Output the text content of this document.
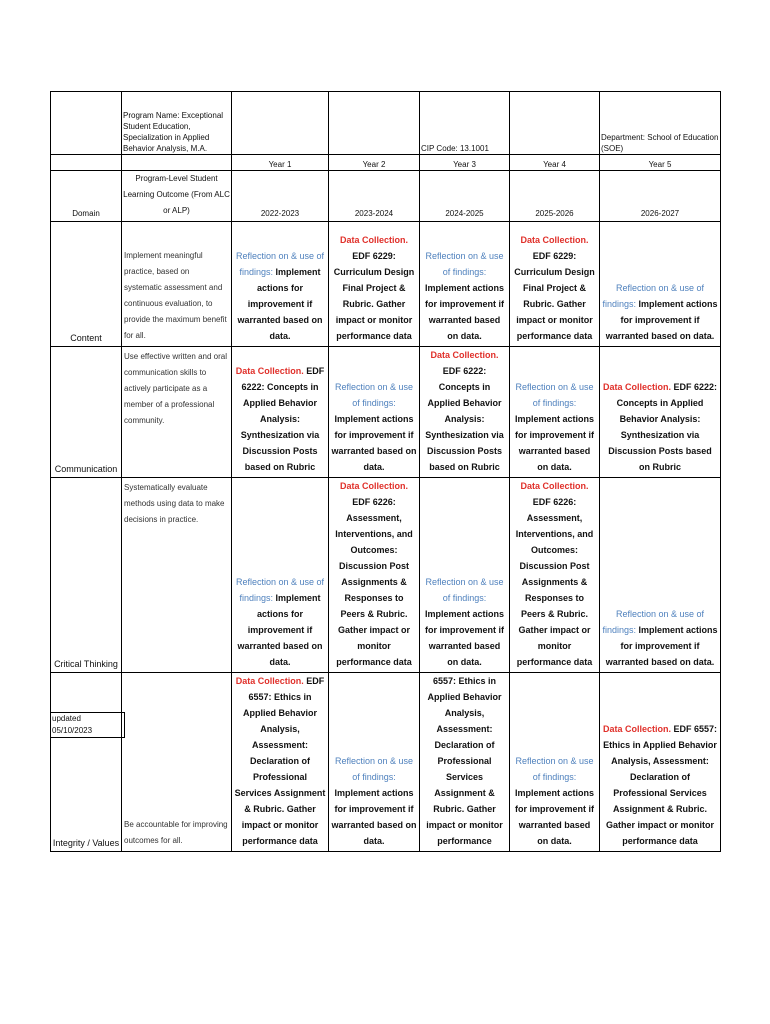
	Program Name: Exceptional Student Education, Specialization in Applied Behavior Analysis, M.A.			CIP Code: 13.1001		Department: School of Education (SOE)
		Year 1	Year 2	Year 3	Year 4	Year 5
Domain	Program-Level Student Learning Outcome (From ALC or ALP)	2022-2023	2023-2024	2024-2025	2025-2026	2026-2027
Content	Implement meaningful practice, based on systematic assessment and continuous evaluation, to provide the maximum benefit for all.	Reflection on & use of findings: Implement actions for improvement if warranted based on data.	Data Collection. EDF 6229: Curriculum Design Final Project & Rubric. Gather impact or monitor performance data	Reflection on & use of findings: Implement actions for improvement if warranted based on data.	Data Collection. EDF 6229: Curriculum Design Final Project & Rubric. Gather impact or monitor performance data	Reflection on & use of findings: Implement actions for improvement if warranted based on data.
Communication	Use effective written and oral communication skills to actively participate as a member of a professional community.	Data Collection. EDF 6222: Concepts in Applied Behavior Analysis: Synthesization via Discussion Posts based on Rubric	Reflection on & use of findings: Implement actions for improvement if warranted based on data.	Data Collection. EDF 6222: Concepts in Applied Behavior Analysis: Synthesization via Discussion Posts based on Rubric	Reflection on & use of findings: Implement actions for improvement if warranted based on data.	Data Collection. EDF 6222: Concepts in Applied Behavior Analysis: Synthesization via Discussion Posts based on Rubric
Critical Thinking	Systematically evaluate methods using data to make decisions in practice.	Reflection on & use of findings: Implement actions for improvement if warranted based on data.	Data Collection. EDF 6226: Assessment, Interventions, and Outcomes: Discussion Post Assignments & Responses to Peers & Rubric. Gather impact or monitor performance data	Reflection on & use of findings: Implement actions for improvement if warranted based on data.	Data Collection. EDF 6226: Assessment, Interventions, and Outcomes: Discussion Post Assignments & Responses to Peers & Rubric. Gather impact or monitor performance data	Reflection on & use of findings: Implement actions for improvement if warranted based on data.
Integrity / Values	Be accountable for improving outcomes for all.	Data Collection. EDF 6557: Ethics in Applied Behavior Analysis, Assessment: Declaration of Professional Services Assignment & Rubric. Gather impact or monitor performance data	Reflection on & use of findings: Implement actions for improvement if warranted based on data.	6557: Ethics in Applied Behavior Analysis, Assessment: Declaration of Professional Services Assignment & Rubric. Gather impact or monitor performance	Reflection on & use of findings: Implement actions for improvement if warranted based on data.	Data Collection. EDF 6557: Ethics in Applied Behavior Analysis, Assessment: Declaration of Professional Services Assignment & Rubric. Gather impact or monitor performance data
updated 05/10/2023
